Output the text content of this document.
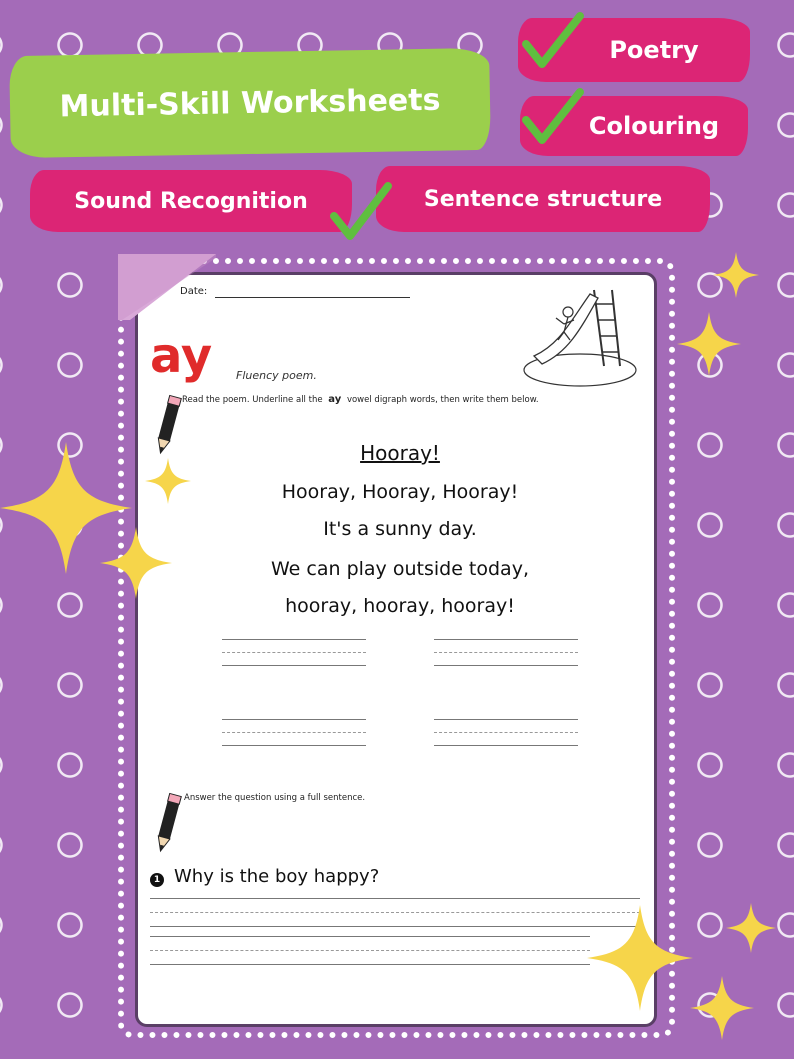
Multi-Skill Worksheets
Poetry
Colouring
Sound Recognition	Sentence structure
Date:
ay Fluency poem.
Read the poem. Underline all the ay vowel digraph words, then write them below.
Hooray!
Hooray, Hooray, Hooray!
It's a sunny day.
We can play outside today,
hooray, hooray, hooray!
Answer the question using a full sentence.
1 Why is the boy happy?
